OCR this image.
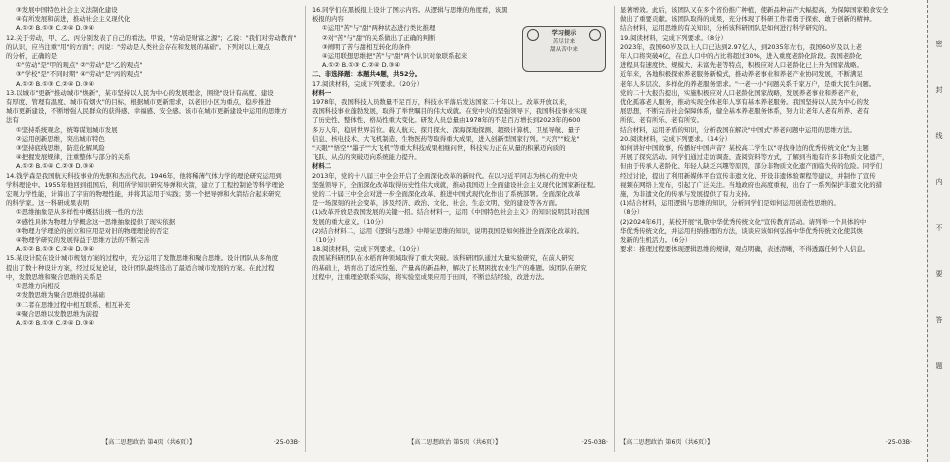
③发展中国特色社会主义法制化建设
④有所发展和前进，推动社会主义现代化
A.①② B.①③ C.②④ D.③④
12.关于劳动，甲、乙、丙分别发表了自己的看法。甲说，"劳动是财富之源"；乙说："我们对劳动教育"
的认识，应当注重"用"的方面"；丙说："劳动是人类社会存在和发展的基础"。下列对以上观点
的分析，正确的是
①"劳动"是"甲的观点" ②"劳动"是"乙的观点"
③"学校"是"不同时期" ④"劳动"是"丙的观点"
A.①② B.①③ C.②④ D.③④
13.以城市"更新"推动城市"焕新"，某市坚持以人民为中心的发展理念，围绕"设计有高度、建设
有厚度、管理有温度、城市有烟火"的目标，根据城市更新需求，以老旧小区为重点，稳步推进
城市更新建设，不断增强人民群众的获得感、幸福感、安全感。该市在城市更新建设中运用的思维方
法有
①坚持系统观念，统筹谋划城市发展
②运用创新思维，突出城市特色
③坚持底线思维，防范化解风险
④把握发展规律，注重整体与部分的关系
A.①② B.①④ C.②③ D.③④
14.钱学森是我国航天科技事业的先驱和杰出代表。1946年，他将稀薄气体力学的理论研究运用到
学科理论中。1955年他回到祖国后，利用所学知识研究导弹和火箭，建立了工程控制论等科学理论
宏观力学性能，计算出了宇宙的物理性能，并将其运用于实践；第一个把导弹和火箭结合起来研究
的科学家。这一科研成果表明
①思维抽象是从多样性中概括出统一性的方法
②感性具体为物理力学概念这一思维抽象提供了现实依据
③物理力学理论的创立和应用是对旧的物理理论的否定
④物理学研究的发展得益于思维方法的不断完善
A.①② B.①③ C.②④ D.③④
15.某设计院在设计城市规划方案的过程中，充分运用了发散思维和聚合思维。设计团队从多角度
提出了数十种设计方案，经过反复论证，设计团队最终选出了最适合城市发展的方案。在此过程
中，发散思维和聚合思维的关系是
①思维方向相反
②发散思维为聚合思维提供基础
③二者在思维过程中相互联系、相互补充
④聚合思维以发散思维为前提
A.①② B.①③ C.②④ D.③④
16.同学们在黑板报上设计了图示内容。从逻辑与思维的角度看，该黑
板报的内容
①运用"苦"与"甜"两种状态进行类比推理
②对"苦"与"甜"的关系做出了正确的判断
③阐明了苦与甜相互转化的条件
④运用联想思维把"苦"与"甜"两个认识对象联系起来
A.①② B.①③ C.②④ D.③④
二、非选择题：本题共4题，共52分。
17.阅读材料，完成下列要求。（20分）
材料一
1978年，我国科技人员数量不足百万，科技水平落后发达国家二十年以上。改革开放以来，
我国科技事业蓬勃发展，取得了举世瞩目的伟大成就。在党中央的坚强领导下，我国科技事业实现
了历史性、整体性、格局性重大变化。研发人员总量由1978年的不足百万增长到2023年的600
多万人年，稳居世界首位。载人航天、探月探火、深海深地探测、超级计算机、卫星导航、量子
信息、核电技术、大飞机制造、生物医药等取得重大成果，进入创新型国家行列。"天宫""蛟龙"
"天眼""悟空""墨子""大飞机"等重大科技成果相继问世，科技实力正在从量的积累迈向质的
飞跃、从点的突破迈向系统能力提升。
材料二
2013年，党的十八届三中全会开启了全面深化改革的新时代。在以习近平同志为核心的党中央
坚强领导下，全面深化改革取得历史性伟大成就，推动我国迈上全面建设社会主义现代化国家新征程。
党的二十届三中全会对进一步全面深化改革、推进中国式现代化作出了系统部署。全面深化改革
是一场深刻的社会变革，涉及经济、政治、文化、社会、生态文明、党的建设等各方面。
(1)改革开放是我国发展的关键一招。结合材料一，运用《中国特色社会主义》的知识说明其对我国
发展的重大意义。（10分）
(2)结合材料二，运用《逻辑与思维》中辩证思维的知识，说明我国是如何推进全面深化改革的。
（10分）
18.阅读材料，完成下列要求。（10分）
我国某科研团队在水稻育种领域取得了重大突破。该科研团队通过大量实验研究，在前人研究
的基础上，培育出了适应性强、产量高的新品种，解决了长期困扰农业生产的难题。该团队在研究
过程中，注重理论联系实际，将实验室成果应用于田间，不断总结经验，改进方法。
显著增效。此后，该团队又在多个省份推广种植，使新品种亩产大幅提高，为保障国家粮食安全
做出了重要贡献。该团队取得的成果，充分体现了科研工作者勇于探索、敢于创新的精神。
结合材料，运用思维的有关知识，分析该科研团队是如何进行科学研究的。
19.阅读材料，完成下列要求。（8分）
2023年，我国60岁及以上人口已达到2.97亿人，到2035年左右，我国60岁及以上老
年人口将突破4亿，在总人口中的占比将超过30%，进入重度老龄化阶段。我国老龄化
进程具有速度快、规模大、未富先老等特点，积极应对人口老龄化已上升为国家战略。
近年来，各地积极探索养老服务新模式，推动养老事业和养老产业协同发展，不断满足
老年人多层次、多样化的养老服务需求。"一老一小"问题关系千家万户，是重大民生问题。
党的二十大报告提出，实施积极应对人口老龄化国家战略，发展养老事业和养老产业，
优化孤寡老人服务，推动实现全体老年人享有基本养老服务。我国坚持以人民为中心的发
展思想，不断完善社会保障体系，健全基本养老服务体系，努力让老年人老有所养、老有
所依、老有所乐、老有所安。
结合材料，运用矛盾的知识，分析我国在解决"中国式"养老问题中运用的思维方法。
20.阅读材料，完成下列要求。（14分）
如何讲好中国故事，传播好中国声音？某校高二学生以"寻找身边的优秀传统文化"为主题
开展了探究活动。同学们通过走访调查、查阅资料等方式，了解到当地有许多非物质文化遗产，
但由于传承人老龄化、年轻人缺乏兴趣等原因，部分非物质文化遗产面临失传的危险。同学们
经过讨论，提出了利用新媒体平台宣传非遗文化、开设非遗体验课程等建议，并制作了宣传
视频在网络上发布，引起了广泛关注。当地政府也高度重视，出台了一系列保护非遗文化的措
施，为非遗文化的传承与发展提供了有力支持。
(1)结合材料，运用逻辑与思维的知识，分析同学们是如何运用创造性思维的。
（8分）
(2)2024年6月，某校开展"礼敬中华优秀传统文化"宣传教育活动。请列举一个具体的中
华优秀传统文化，并运用归纳推理的方法，谈谈应该如何弘扬中华优秀传统文化使其焕
发新的生机活力。（6分）
要求：推理过程要体现逻辑思维的规律，观点明确，表述清晰，不得透露任何个人信息。
学习提示
苦尽甘来
甜从苦中来
【高二思想政治 第4页（共6页）】	·25-03B·	【高二思想政治 第5页（共6页）】	·25-03B· 【高二思想政治 第6页（共6页）】	·25-03B·
密
封
线
内
不
要
答
题
